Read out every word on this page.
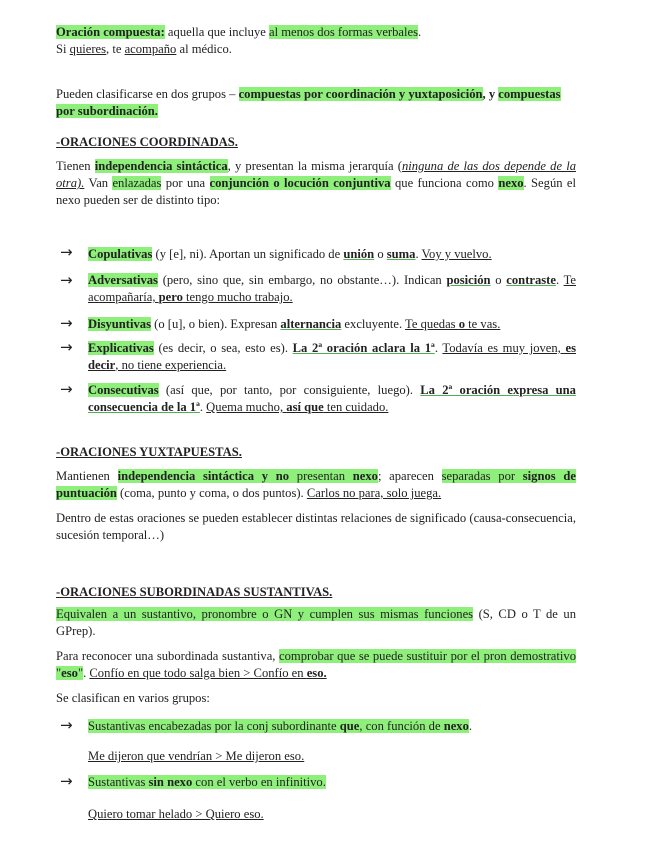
Oración compuesta: aquella que incluye al menos dos formas verbales.
Si quieres, te acompaño al médico.

Pueden clasificarse en dos grupos – compuestas por coordinación y yuxtaposición, y compuestas por subordinación.

-ORACIONES COORDINADAS.

Tienen independencia sintáctica, y presentan la misma jerarquía (ninguna de las dos depende de la otra). Van enlazadas por una conjunción o locución conjuntiva que funciona como nexo. Según el nexo pueden ser de distinto tipo:

→	Copulativas (y [e], ni). Aportan un significado de unión o suma. Voy y vuelvo.

→	Adversativas (pero, sino que, sin embargo, no obstante…). Indican posición o contraste. Te acompañaría, pero tengo mucho trabajo.

→	Disyuntivas (o [u], o bien). Expresan alternancia excluyente. Te quedas o te vas.

→	Explicativas (es decir, o sea, esto es). La 2ª oración aclara la 1ª. Todavía es muy joven, es decir, no tiene experiencia.

→	Consecutivas (así que, por tanto, por consiguiente, luego). La 2ª oración expresa una consecuencia de la 1ª. Quema mucho, así que ten cuidado.

-ORACIONES YUXTAPUESTAS.

Mantienen independencia sintáctica y no presentan nexo; aparecen separadas por signos de puntuación (coma, punto y coma, o dos puntos). Carlos no para, solo juega.

Dentro de estas oraciones se pueden establecer distintas relaciones de significado (causa-consecuencia, sucesión temporal…)

-ORACIONES SUBORDINADAS SUSTANTIVAS.

Equivalen a un sustantivo, pronombre o GN y cumplen sus mismas funciones (S, CD o T de un GPrep).

Para reconocer una subordinada sustantiva, comprobar que se puede sustituir por el pron demostrativo "eso". Confío en que todo salga bien > Confío en eso.

Se clasifican en varios grupos:

→	Sustantivas encabezadas por la conj subordinante que, con función de nexo.

Me dijeron que vendrían > Me dijeron eso.

→	Sustantivas sin nexo con el verbo en infinitivo.

Quiero tomar helado > Quiero eso.
